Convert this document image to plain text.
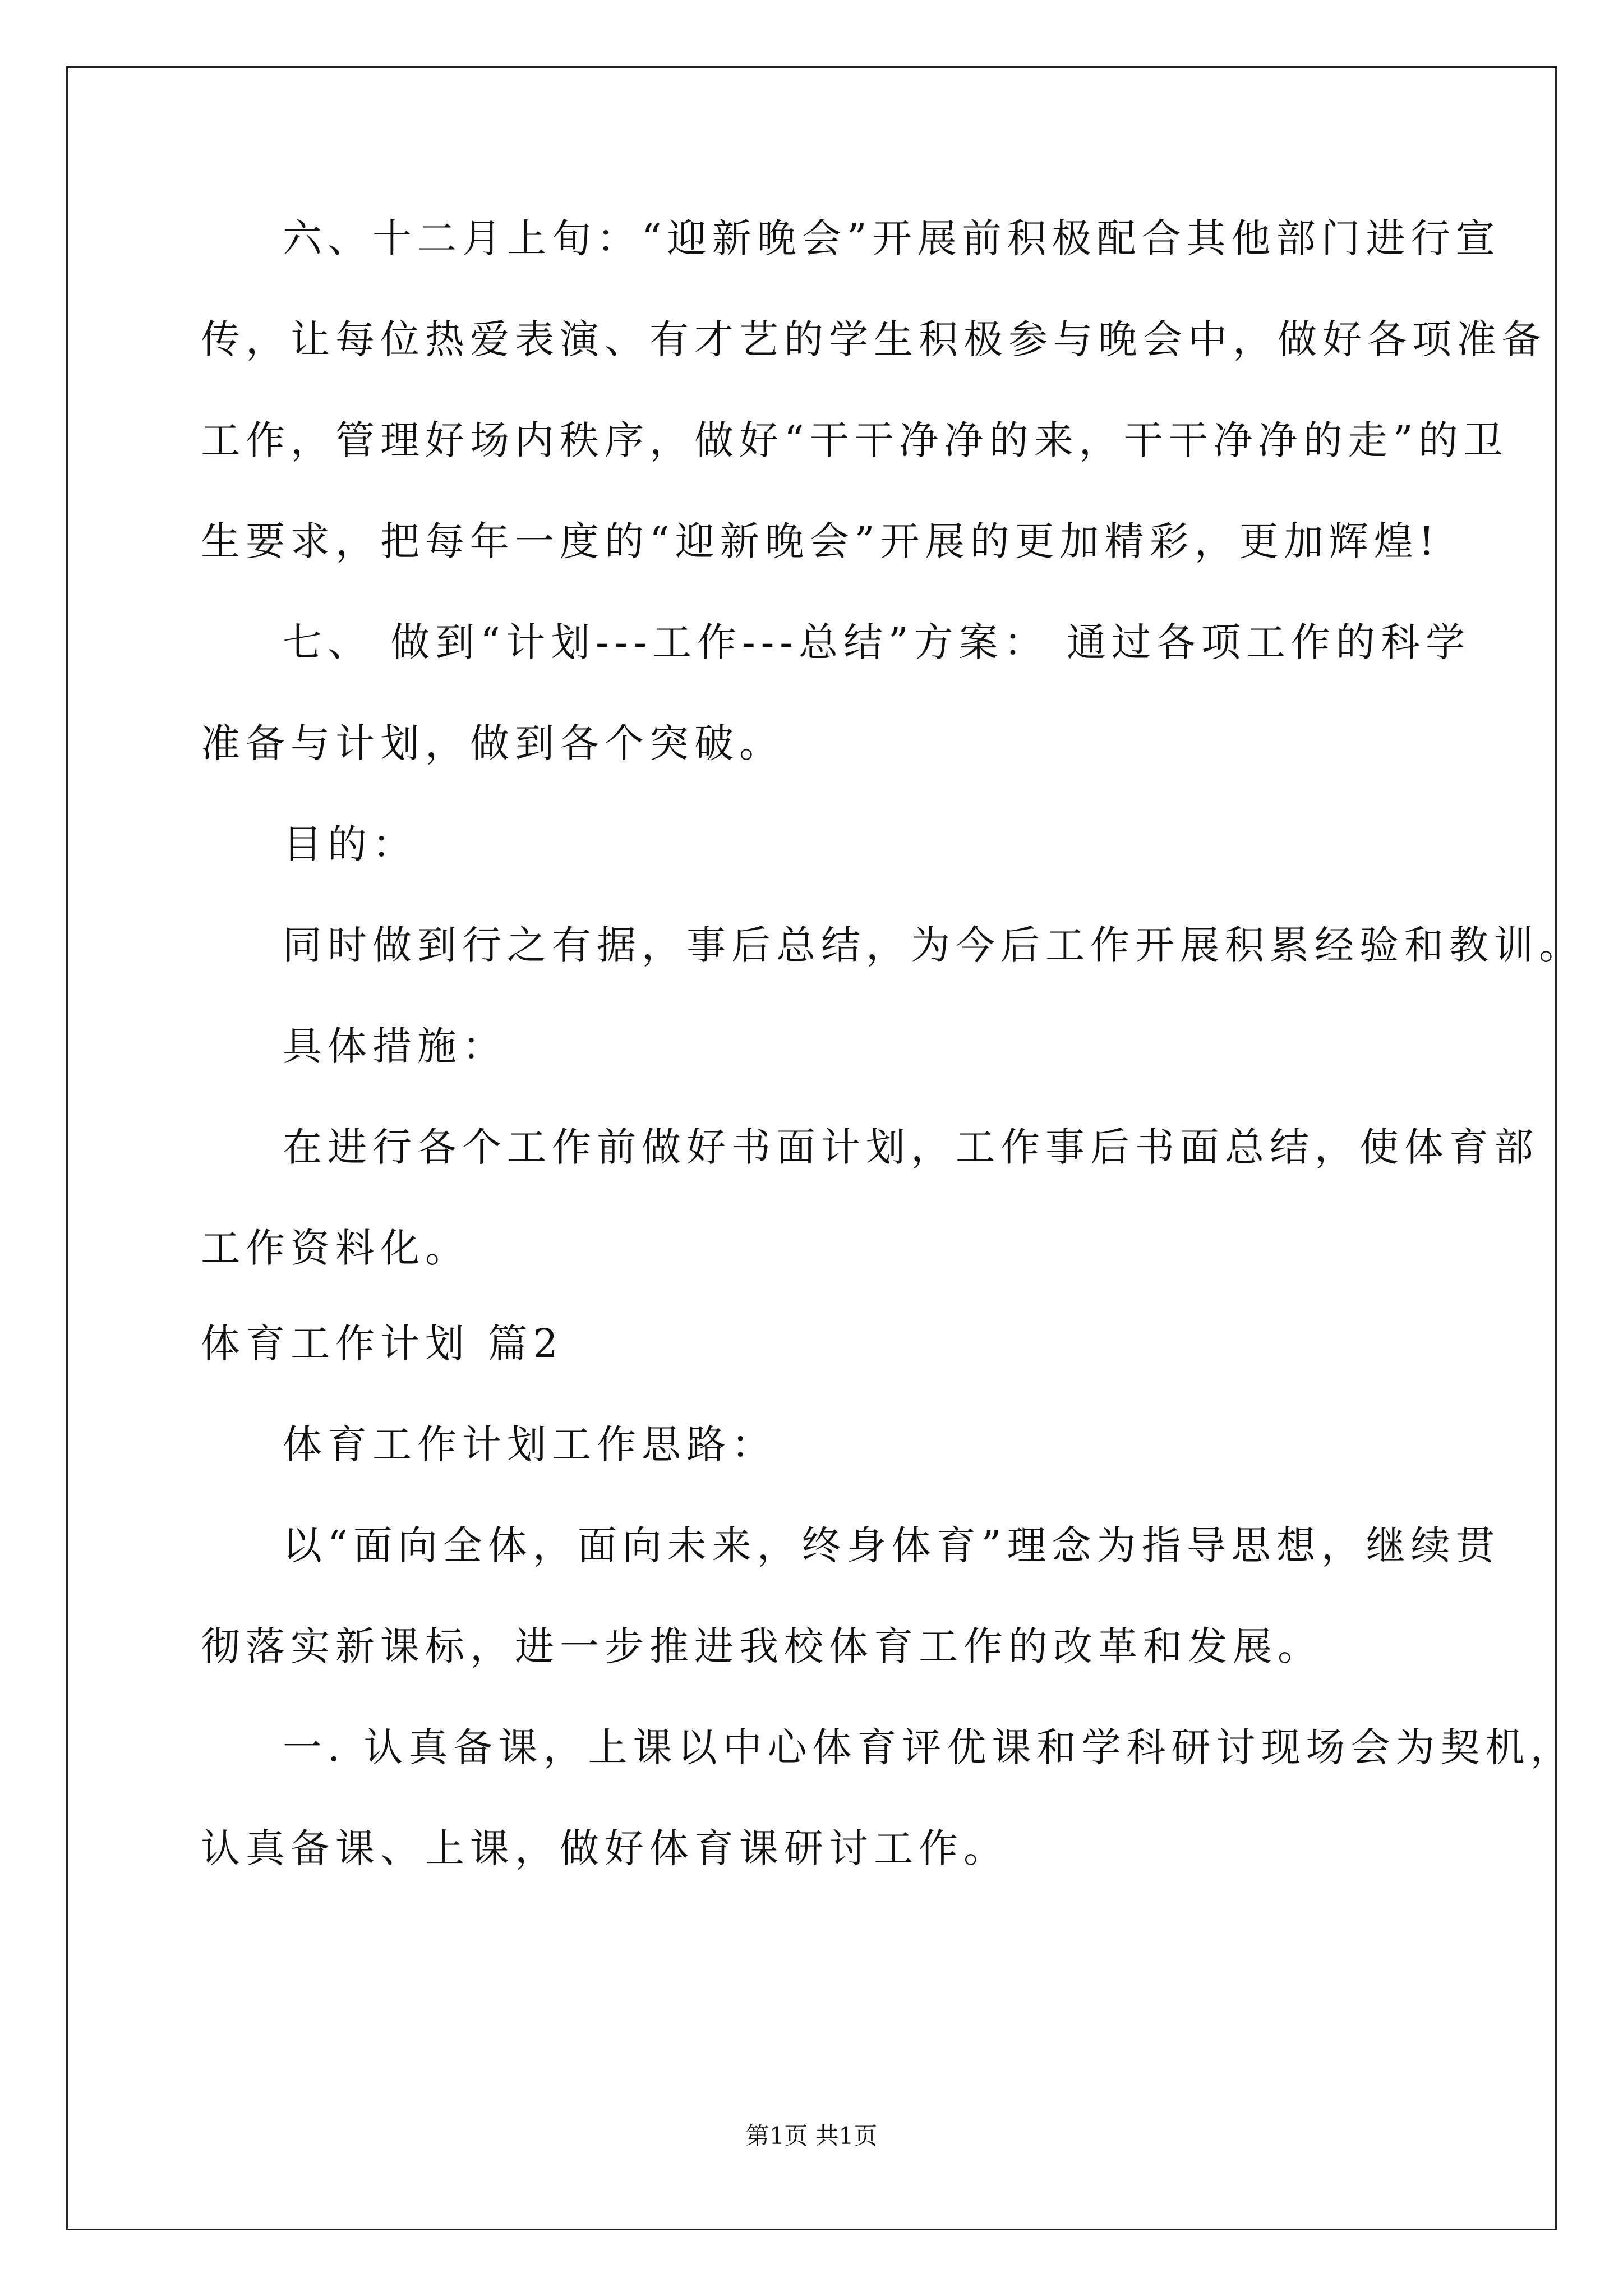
六、十二月上旬：“迎新晚会”开展前积极配合其他部门进行宣
传，让每位热爱表演、有才艺的学生积极参与晚会中，做好各项准备
工作，管理好场内秩序，做好“干干净净的来，干干净净的走”的卫
生要求，把每年一度的“迎新晚会”开展的更加精彩，更加辉煌!
七、 做到“计划---工作---总结”方案： 通过各项工作的科学
准备与计划，做到各个突破。
目的：
同时做到行之有据，事后总结，为今后工作开展积累经验和教训。
具体措施：
在进行各个工作前做好书面计划，工作事后书面总结，使体育部
工作资料化。
体育工作计划 篇2
体育工作计划工作思路：
以“面向全体，面向未来，终身体育”理念为指导思想，继续贯
彻落实新课标，进一步推进我校体育工作的改革和发展。
一. 认真备课，上课以中心体育评优课和学科研讨现场会为契机，
认真备课、上课，做好体育课研讨工作。
第1页 共1页
